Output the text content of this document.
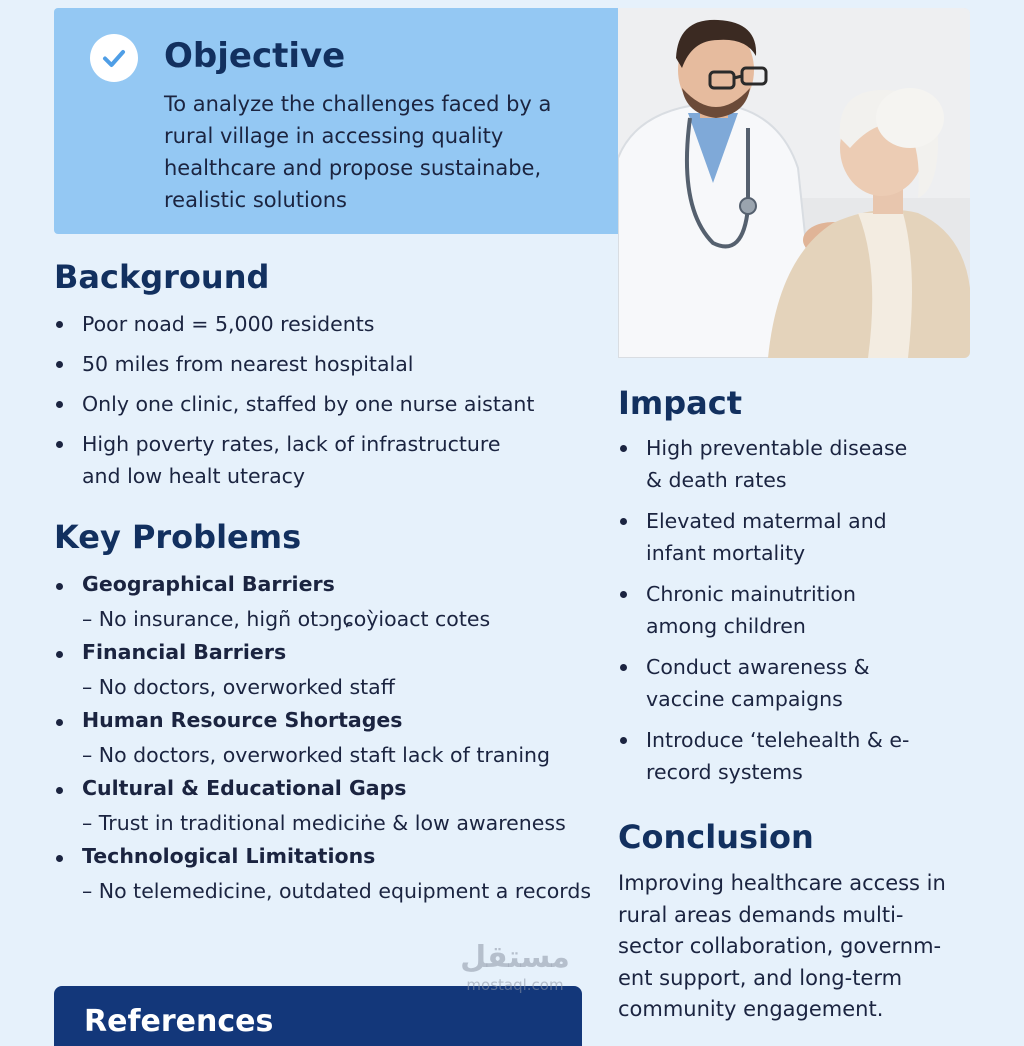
Objective

To analyze the challenges faced by a rural village in accessing quality healthcare and propose sustainabe, realistic solutions

Background
Poor noad = 5,000 residents
50 miles from nearest hospitalal
Only one clinic, staffed by one nurse aistant
High poverty rates, lack of infrastructure and low healt uteracy
Key Problems
Geographical Barriers
– No insurance, higñ otɔŋɕoỳioact cotes
Financial Barriers
– No doctors, overworked staff
Human Resource Shortages
– No doctors, overworked staft lack of traning
Cultural & Educational Gaps
– Trust in traditional mediciṅe & low awareness
Technological Limitations
– No telemedicine, outdated equipment a records
Impact
High preventable disease & death rates
Elevated matermal and infant mortality
Chronic mainutrition among children
Conduct awareness & vaccine campaigns
Introduce ‘telehealth & e-record systems
Conclusion

Improving healthcare access in rural areas demands multi-sector collaboration, governm-ent support, and long-term community engagement.

References
مستقل
mostaql.com
